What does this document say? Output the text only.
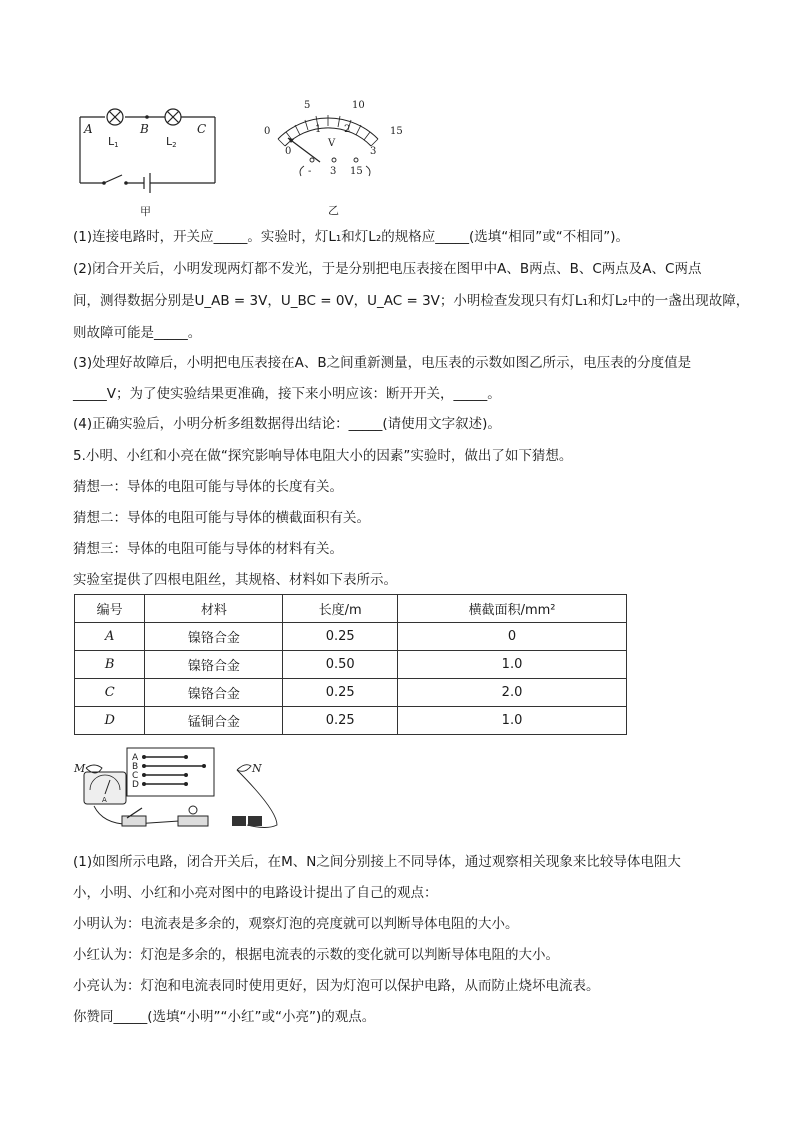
A	B	C
L1	L2
甲
0
5	10
15
0
1 2
3
V
- 3 15
乙
(1)连接电路时，开关应_____。实验时，灯L₁和灯L₂的规格应_____(选填“相同”或“不相同”)。
(2)闭合开关后，小明发现两灯都不发光，于是分别把电压表接在图甲中A、B两点、B、C两点及A、C两点
间，测得数据分别是U_AB = 3V，U_BC = 0V，U_AC = 3V；小明检查发现只有灯L₁和灯L₂中的一盏出现故障，
则故障可能是_____。
(3)处理好故障后，小明把电压表接在A、B之间重新测量，电压表的示数如图乙所示，电压表的分度值是
_____V；为了使实验结果更准确，接下来小明应该：断开开关，_____。
(4)正确实验后，小明分析多组数据得出结论：_____(请使用文字叙述)。
5.小明、小红和小亮在做“探究影响导体电阻大小的因素”实验时，做出了如下猜想。
猜想一：导体的电阻可能与导体的长度有关。
猜想二：导体的电阻可能与导体的横截面积有关。
猜想三：导体的电阻可能与导体的材料有关。
实验室提供了四根电阻丝，其规格、材料如下表所示。
编号	材料	长度/m	横截面积/mm²
A	镍铬合金	0.25	0
B	镍铬合金	0.50	1.0
C	镍铬合金	0.25	2.0
D	锰铜合金	0.25	1.0
A
B
C
D
A
M	N
(1)如图所示电路，闭合开关后，在M、N之间分别接上不同导体，通过观察相关现象来比较导体电阻大
小，小明、小红和小亮对图中的电路设计提出了自己的观点：
小明认为：电流表是多余的，观察灯泡的亮度就可以判断导体电阻的大小。
小红认为：灯泡是多余的，根据电流表的示数的变化就可以判断导体电阻的大小。
小亮认为：灯泡和电流表同时使用更好，因为灯泡可以保护电路，从而防止烧坏电流表。
你赞同_____(选填“小明”“小红”或“小亮”)的观点。
